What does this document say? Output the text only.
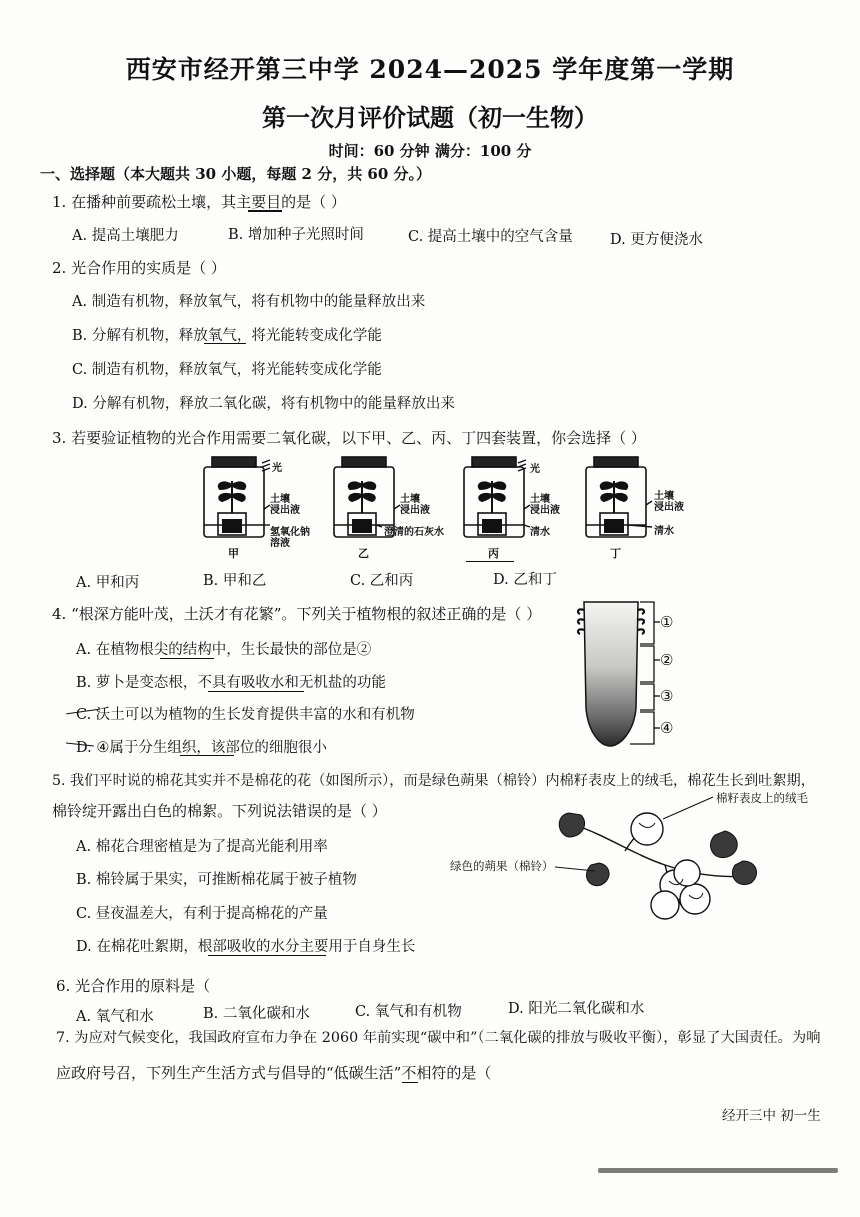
西安市经开第三中学 2024—2025 学年度第一学期
第一次月评价试题（初一生物）
时间：60 分钟 满分：100 分
一、选择题（本大题共 30 小题，每题 2 分，共 60 分。）
1. 在播种前要疏松土壤，其主要目的是（ ）
A. 提高土壤肥力	B. 增加种子光照时间	C. 提高土壤中的空气含量	D. 更方便浇水
2. 光合作用的实质是（ ）
A. 制造有机物，释放氧气，将有机物中的能量释放出来
B. 分解有机物，释放氧气，将光能转变成化学能
C. 制造有机物，释放氧气，将光能转变成化学能
D. 分解有机物，释放二氧化碳，将有机物中的能量释放出来
3. 若要验证植物的光合作用需要二氧化碳，以下甲、乙、丙、丁四套装置，你会选择（ ）
光	光
土壤
浸出液
氢氧化钠
溶液
土壤
浸出液
澄清的石灰水
土壤
浸出液
清水
土壤
浸出液
清水
甲	乙	丙	丁
A. 甲和丙	B. 甲和乙	C. 乙和丙	D. 乙和丁
4. “根深方能叶茂，土沃才有花繁”。下列关于植物根的叙述正确的是（ ）
A. 在植物根尖的结构中，生长最快的部位是②
B. 萝卜是变态根，不具有吸收水和无机盐的功能
C. 沃土可以为植物的生长发育提供丰富的水和有机物
D. ④属于分生组织，该部位的细胞很小
①
②
③
④
5. 我们平时说的棉花其实并不是棉花的花（如图所示），而是绿色蒴果（棉铃）内棉籽表皮上的绒毛，棉花生长到吐絮期，
棉铃绽开露出白色的棉絮。下列说法错误的是（ ）
A. 棉花合理密植是为了提高光能利用率
B. 棉铃属于果实，可推断棉花属于被子植物
C. 昼夜温差大，有利于提高棉花的产量
D. 在棉花吐絮期，根部吸收的水分主要用于自身生长
棉籽表皮上的绒毛
绿色的蒴果（棉铃）
6. 光合作用的原料是（
A. 氧气和水	B. 二氧化碳和水	C. 氧气和有机物	D. 阳光二氧化碳和水
7. 为应对气候变化，我国政府宣布力争在 2060 年前实现“碳中和”（二氧化碳的排放与吸收平衡），彰显了大国责任。为响
应政府号召，下列生产生活方式与倡导的“低碳生活”不相符的是（
经开三中 初一生
